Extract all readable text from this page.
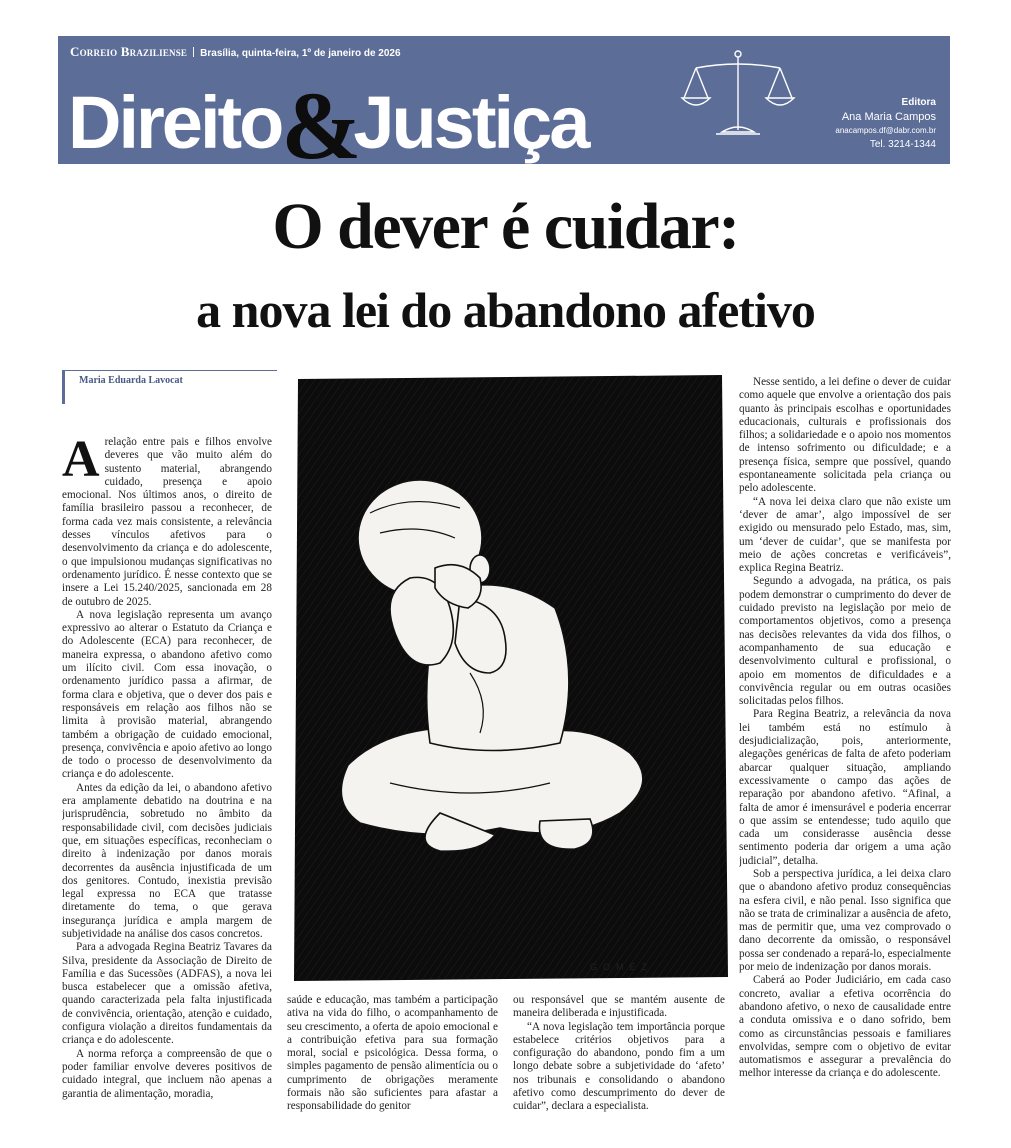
Correio Braziliense Brasília, quinta-feira, 1º de janeiro de 2026
Direito&Justiça	Editora
Ana Maria Campos
anacampos.df@dabr.com.br
Tel. 3214-1344
O dever é cuidar:
a nova lei do abandono afetivo
Maria Eduarda Lavocat

A relação entre pais e filhos envolve deveres que vão muito além do sustento material, abrangendo cuidado, presença e apoio emocional. Nos últimos anos, o direito de família brasileiro passou a reconhecer, de forma cada vez mais consistente, a relevância desses vínculos afetivos para o desenvolvimento da criança e do adolescente, o que impulsionou mudanças significativas no ordenamento jurídico. É nesse contexto que se insere a Lei 15.240/2025, sancionada em 28 de outubro de 2025.

A nova legislação representa um avanço expressivo ao alterar o Estatuto da Criança e do Adolescente (ECA) para reconhecer, de maneira expressa, o abandono afetivo como um ilícito civil. Com essa inovação, o ordenamento jurídico passa a afirmar, de forma clara e objetiva, que o dever dos pais e responsáveis em relação aos filhos não se limita à provisão material, abrangendo também a obrigação de cuidado emocional, presença, convivência e apoio afetivo ao longo de todo o processo de desenvolvimento da criança e do adolescente.

Antes da edição da lei, o abandono afetivo era amplamente debatido na doutrina e na jurisprudência, sobretudo no âmbito da responsabilidade civil, com decisões judiciais que, em situações específicas, reconheciam o direito à indenização por danos morais decorrentes da ausência injustificada de um dos genitores. Contudo, inexistia previsão legal expressa no ECA que tratasse diretamente do tema, o que gerava insegurança jurídica e ampla margem de subjetividade na análise dos casos concretos.

Para a advogada Regina Beatriz Tavares da Silva, presidente da Associação de Direito de Família e das Sucessões (ADFAS), a nova lei busca estabelecer que a omissão afetiva, quando caracterizada pela falta injustificada de convivência, orientação, atenção e cuidado, configura violação a direitos fundamentais da criança e do adolescente.

A norma reforça a compreensão de que o poder familiar envolve deveres positivos de cuidado integral, que incluem não apenas a garantia de alimentação, moradia,

GOMEZ

saúde e educação, mas também a participação ativa na vida do filho, o acompanhamento de seu crescimento, a oferta de apoio emocional e a contribuição efetiva para sua formação moral, social e psicológica. Dessa forma, o simples pagamento de pensão alimentícia ou o cumprimento de obrigações meramente formais não são suficientes para afastar a responsabilidade do genitor

ou responsável que se mantém ausente de maneira deliberada e injustificada.

“A nova legislação tem importância porque estabelece critérios objetivos para a configuração do abandono, pondo fim a um longo debate sobre a subjetividade do ‘afeto’ nos tribunais e consolidando o abandono afetivo como descumprimento do dever de cuidar”, declara a especialista.

Nesse sentido, a lei define o dever de cuidar como aquele que envolve a orientação dos pais quanto às principais escolhas e oportunidades educacionais, culturais e profissionais dos filhos; a solidariedade e o apoio nos momentos de intenso sofrimento ou dificuldade; e a presença física, sempre que possível, quando espontaneamente solicitada pela criança ou pelo adolescente.

“A nova lei deixa claro que não existe um ‘dever de amar’, algo impossível de ser exigido ou mensurado pelo Estado, mas, sim, um ‘dever de cuidar’, que se manifesta por meio de ações concretas e verificáveis”, explica Regina Beatriz.

Segundo a advogada, na prática, os pais podem demonstrar o cumprimento do dever de cuidado previsto na legislação por meio de comportamentos objetivos, como a presença nas decisões relevantes da vida dos filhos, o acompanhamento de sua educação e desenvolvimento cultural e profissional, o apoio em momentos de dificuldades e a convivência regular ou em outras ocasiões solicitadas pelos filhos.

Para Regina Beatriz, a relevância da nova lei também está no estímulo à desjudicialização, pois, anteriormente, alegações genéricas de falta de afeto poderiam abarcar qualquer situação, ampliando excessivamente o campo das ações de reparação por abandono afetivo. “Afinal, a falta de amor é imensurável e poderia encerrar o que assim se entendesse; tudo aquilo que cada um considerasse ausência desse sentimento poderia dar origem a uma ação judicial”, detalha.

Sob a perspectiva jurídica, a lei deixa claro que o abandono afetivo produz consequências na esfera civil, e não penal. Isso significa que não se trata de criminalizar a ausência de afeto, mas de permitir que, uma vez comprovado o dano decorrente da omissão, o responsável possa ser condenado a repará-lo, especialmente por meio de indenização por danos morais.

Caberá ao Poder Judiciário, em cada caso concreto, avaliar a efetiva ocorrência do abandono afetivo, o nexo de causalidade entre a conduta omissiva e o dano sofrido, bem como as circunstâncias pessoais e familiares envolvidas, sempre com o objetivo de evitar automatismos e assegurar a prevalência do melhor interesse da criança e do adolescente.
